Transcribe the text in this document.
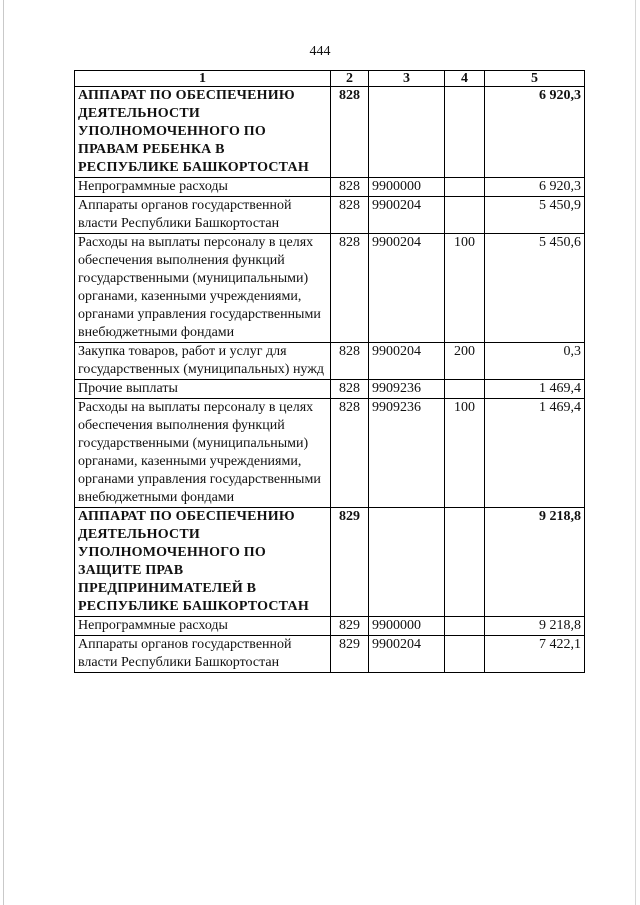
444
1	2	3	4	5
АППАРАТ ПО ОБЕСПЕЧЕНИЮ ДЕЯТЕЛЬНОСТИ УПОЛНОМОЧЕННОГО ПО ПРАВАМ РЕБЕНКА В РЕСПУБЛИКЕ БАШКОРТОСТАН	828			6 920,3
Непрограммные расходы	828	9900000		6 920,3
Аппараты органов государственной власти Республики Башкортостан	828	9900204		5 450,9
Расходы на выплаты персоналу в целях обеспечения выполнения функций государственными (муниципальными) органами, казенными учреждениями, органами управления государственными внебюджетными фондами	828	9900204	100	5 450,6
Закупка товаров, работ и услуг для государственных (муниципальных) нужд	828	9900204	200	0,3
Прочие выплаты	828	9909236		1 469,4
Расходы на выплаты персоналу в целях обеспечения выполнения функций государственными (муниципальными) органами, казенными учреждениями, органами управления государственными внебюджетными фондами	828	9909236	100	1 469,4
АППАРАТ ПО ОБЕСПЕЧЕНИЮ ДЕЯТЕЛЬНОСТИ УПОЛНОМОЧЕННОГО ПО ЗАЩИТЕ ПРАВ ПРЕДПРИНИМАТЕЛЕЙ В РЕСПУБЛИКЕ БАШКОРТОСТАН	829			9 218,8
Непрограммные расходы	829	9900000		9 218,8
Аппараты органов государственной власти Республики Башкортостан	829	9900204		7 422,1
